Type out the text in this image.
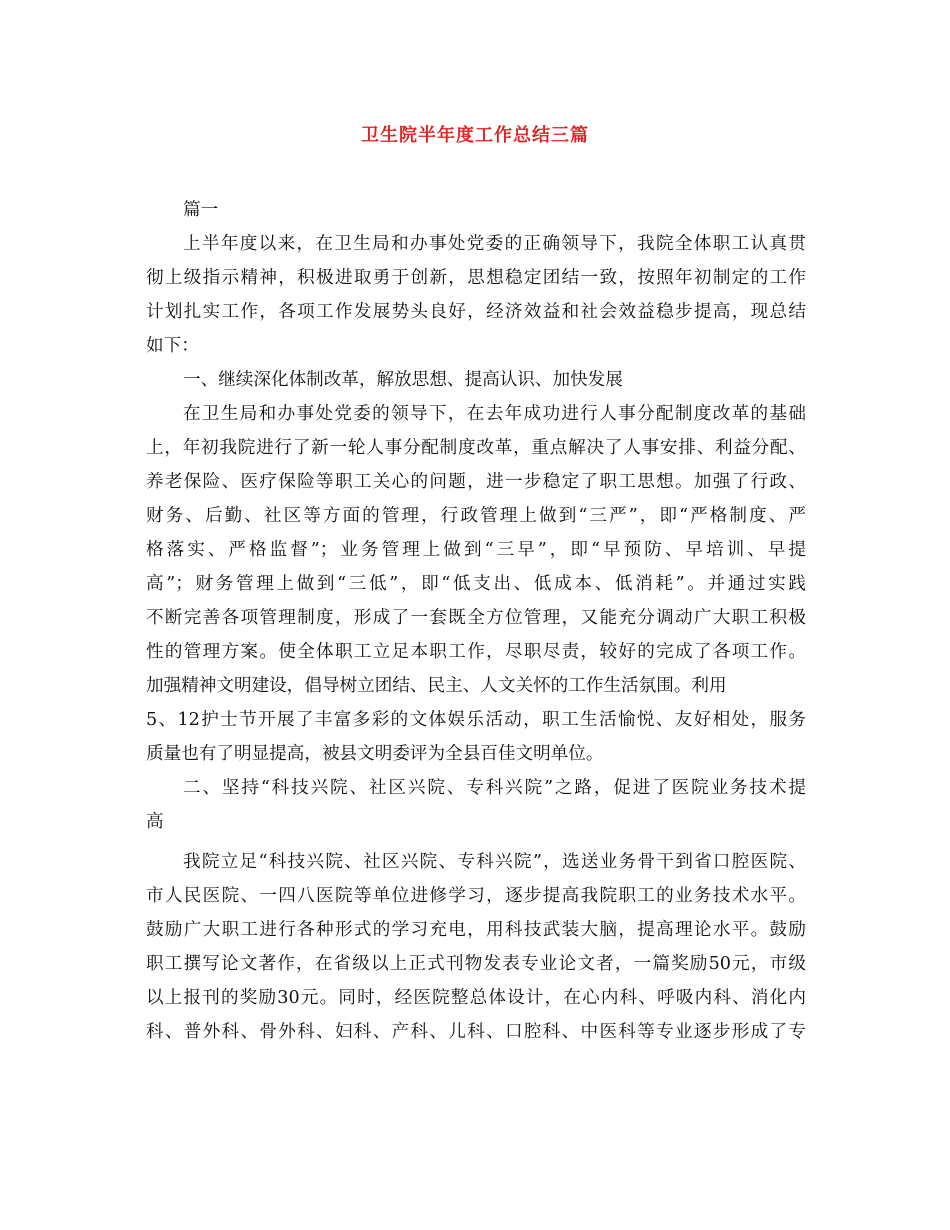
卫生院半年度工作总结三篇
篇一
上半年度以来，在卫生局和办事处党委的正确领导下，我院全体职工认真贯
彻上级指示精神，积极进取勇于创新，思想稳定团结一致，按照年初制定的工作
计划扎实工作，各项工作发展势头良好，经济效益和社会效益稳步提高，现总结
如下：
一、继续深化体制改革，解放思想、提高认识、加快发展
在卫生局和办事处党委的领导下，在去年成功进行人事分配制度改革的基础
上，年初我院进行了新一轮人事分配制度改革，重点解决了人事安排、利益分配、
养老保险、医疗保险等职工关心的问题，进一步稳定了职工思想。加强了行政、
财务、后勤、社区等方面的管理，行政管理上做到“三严”，即“严格制度、严
格落实、严格监督”；业务管理上做到“三早”，即“早预防、早培训、早提
高”；财务管理上做到“三低”，即“低支出、低成本、低消耗”。并通过实践
不断完善各项管理制度，形成了一套既全方位管理，又能充分调动广大职工积极
性的管理方案。使全体职工立足本职工作，尽职尽责，较好的完成了各项工作。
加强精神文明建设，倡导树立团结、民主、人文关怀的工作生活氛围。利用
5、12护士节开展了丰富多彩的文体娱乐活动，职工生活愉悦、友好相处，服务
质量也有了明显提高，被县文明委评为全县百佳文明单位。
二、坚持“科技兴院、社区兴院、专科兴院”之路，促进了医院业务技术提
高
我院立足“科技兴院、社区兴院、专科兴院”，选送业务骨干到省口腔医院、
市人民医院、一四八医院等单位进修学习，逐步提高我院职工的业务技术水平。
鼓励广大职工进行各种形式的学习充电，用科技武装大脑，提高理论水平。鼓励
职工撰写论文著作，在省级以上正式刊物发表专业论文者，一篇奖励50元，市级
以上报刊的奖励30元。同时，经医院整总体设计，在心内科、呼吸内科、消化内
科、普外科、骨外科、妇科、产科、儿科、口腔科、中医科等专业逐步形成了专
